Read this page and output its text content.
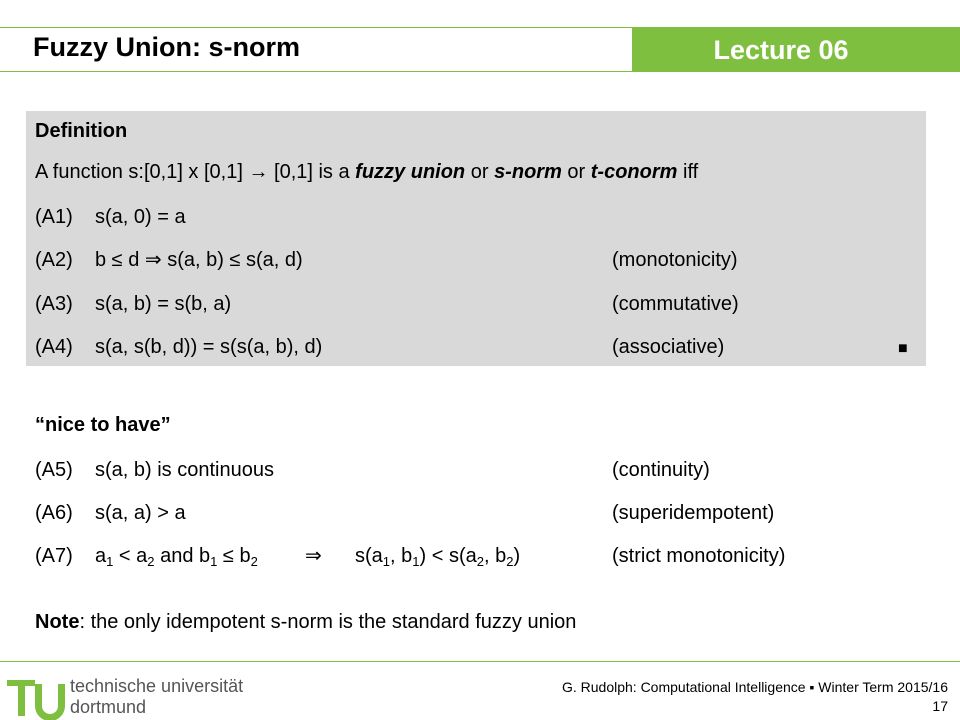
Fuzzy Union: s-norm	Lecture 06
Definition
A function s:[0,1] x [0,1] → [0,1] is a fuzzy union or s-norm or t-conorm iff
(A1) s(a, 0) = a
(A2) b ≤ d ⇒ s(a, b) ≤ s(a, d)	(monotonicity)
(A3) s(a, b) = s(b, a)	(commutative)
(A4) s(a, s(b, d)) = s(s(a, b), d)	(associative)	■
“nice to have”
(A5) s(a, b) is continuous	(continuity)
(A6) s(a, a) > a	(superidempotent)
(A7) $a_1 < a_2$ and $b_1 \le b_2$ ⇒ $s(a_1$, $b_1) < s(a_2$, $b_2$)	(strict monotonicity)
Note: the only idempotent s-norm is the standard fuzzy union
technische universität
dortmund
G. Rudolph: Computational Intelligence ▪ Winter Term 2015/16
17
